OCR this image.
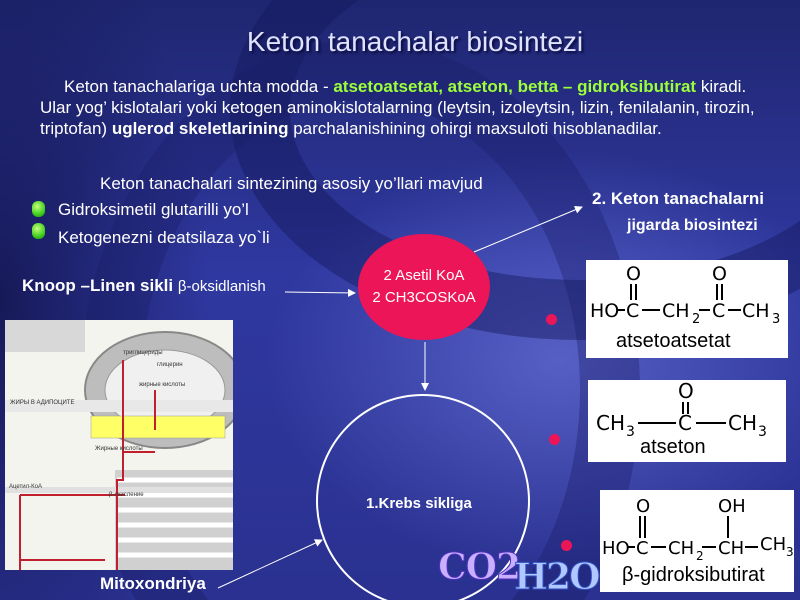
Keton tanachalar biosintezi
Keton tanachalariga uchta modda - atsetoatsetat, atseton, betta – gidroksibutirat kiradi.
Ular yog’ kislotalari yoki ketogen aminokislotalarning (leytsin, izoleytsin, lizin, fenilalanin, tirozin,
triptofan) uglerod skeletlarining parchalanishining ohirgi maxsuloti hisoblanadilar.
Keton tanachalari sintezining asosiy yo’llari mavjud
Gidroksimetil glutarilli yo’l
Ketogenezni deatsilaza yo`li
2. Keton tanachalarni
jigarda biosintezi
Knoop –Linen sikli β-oksidlanish
2 Asetil KoA
2 CH3COSKoA
1.Krebs sikliga
триглицериды
глицерин
жирные кислоты
ЖИРЫ В АДИПОЦИТЕ
Жирные кислоты
β-окисление
Ацетил-КоА
Mitoxondriya
O	O
HO C CH 2 C CH 3
atsetoatsetat
O
CH 3 C CH 3
atseton
O	OH
HO C CH 2 CH CH 3
β-gidroksibutirat
CO2
H2O
